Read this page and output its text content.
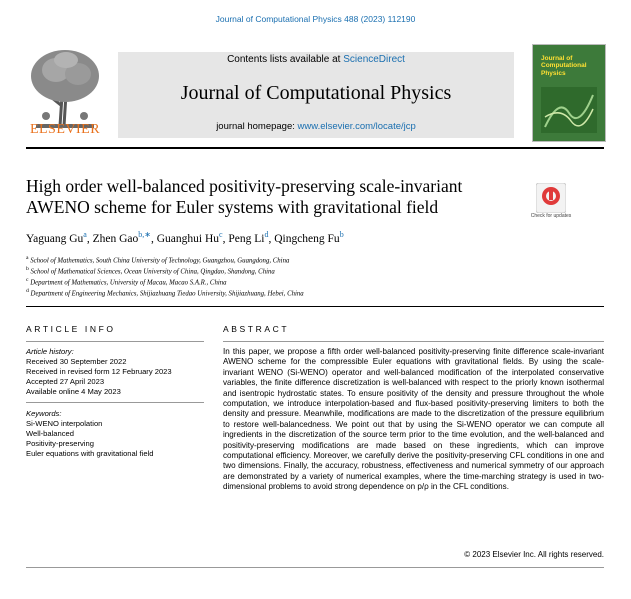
Journal of Computational Physics 488 (2023) 112190
ELSEVIER
Contents lists available at ScienceDirect
Journal of Computational Physics
journal homepage: www.elsevier.com/locate/jcp
Journal of Computational Physics
High order well-balanced positivity-preserving scale-invariant AWENO scheme for Euler systems with gravitational field	Check for updates
Yaguang Gu$^a$, Zhen Gao$^{b,∗}$, Guanghui Hu$^c$, Peng Li$^d$, Qingcheng Fu$^b$
$^a$ School of Mathematics, South China University of Technology, Guangzhou, Guangdong, China
$^b$ School of Mathematical Sciences, Ocean University of China, Qingdao, Shandong, China
$^c$ Department of Mathematics, University of Macau, Macao S.A.R., China
$^d$ Department of Engineering Mechanics, Shijiazhuang Tiedao University, Shijiazhuang, Hebei, China
ARTICLE INFO	ABSTRACT
Article history:
Received 30 September 2022
Received in revised form 12 February 2023
Accepted 27 April 2023
Available online 4 May 2023
Keywords:
Si-WENO interpolation
Well-balanced
Positivity-preserving
Euler equations with gravitational field
In this paper, we propose a fifth order well-balanced positivity-preserving finite difference scale-invariant AWENO scheme for the compressible Euler equations with gravitational fields. By using the scale-invariant WENO (Si-WENO) operator and well-balanced modification of the interpolated conservative variables, the finite difference discretization is well-balanced with respect to the priorly known isothermal and isentropic hydrostatic states. To ensure positivity of the density and pressure throughout the whole computation, we introduce interpolation-based and flux-based positivity-preserving limiters to both the density and pressure. Meanwhile, modifications are made to the discretization of the pressure equilibrium to restore well-balancedness. We point out that by using the Si-WENO operator we can compute all ingredients in the discretization of the source term prior to the time evolution, and the well-balanced and positivity-preserving modifications are made based on these ingredients, which can improve computational efficiency. Moreover, we carefully derive the positivity-preserving CFL conditions in one and two dimensions. Finally, the accuracy, robustness, effectiveness and numerical symmetry of our approach are demonstrated by a variety of numerical examples, where the time-marching strategy is used in two-dimensional problems to avoid strong dependence on p/ρ in the CFL conditions.
© 2023 Elsevier Inc. All rights reserved.
